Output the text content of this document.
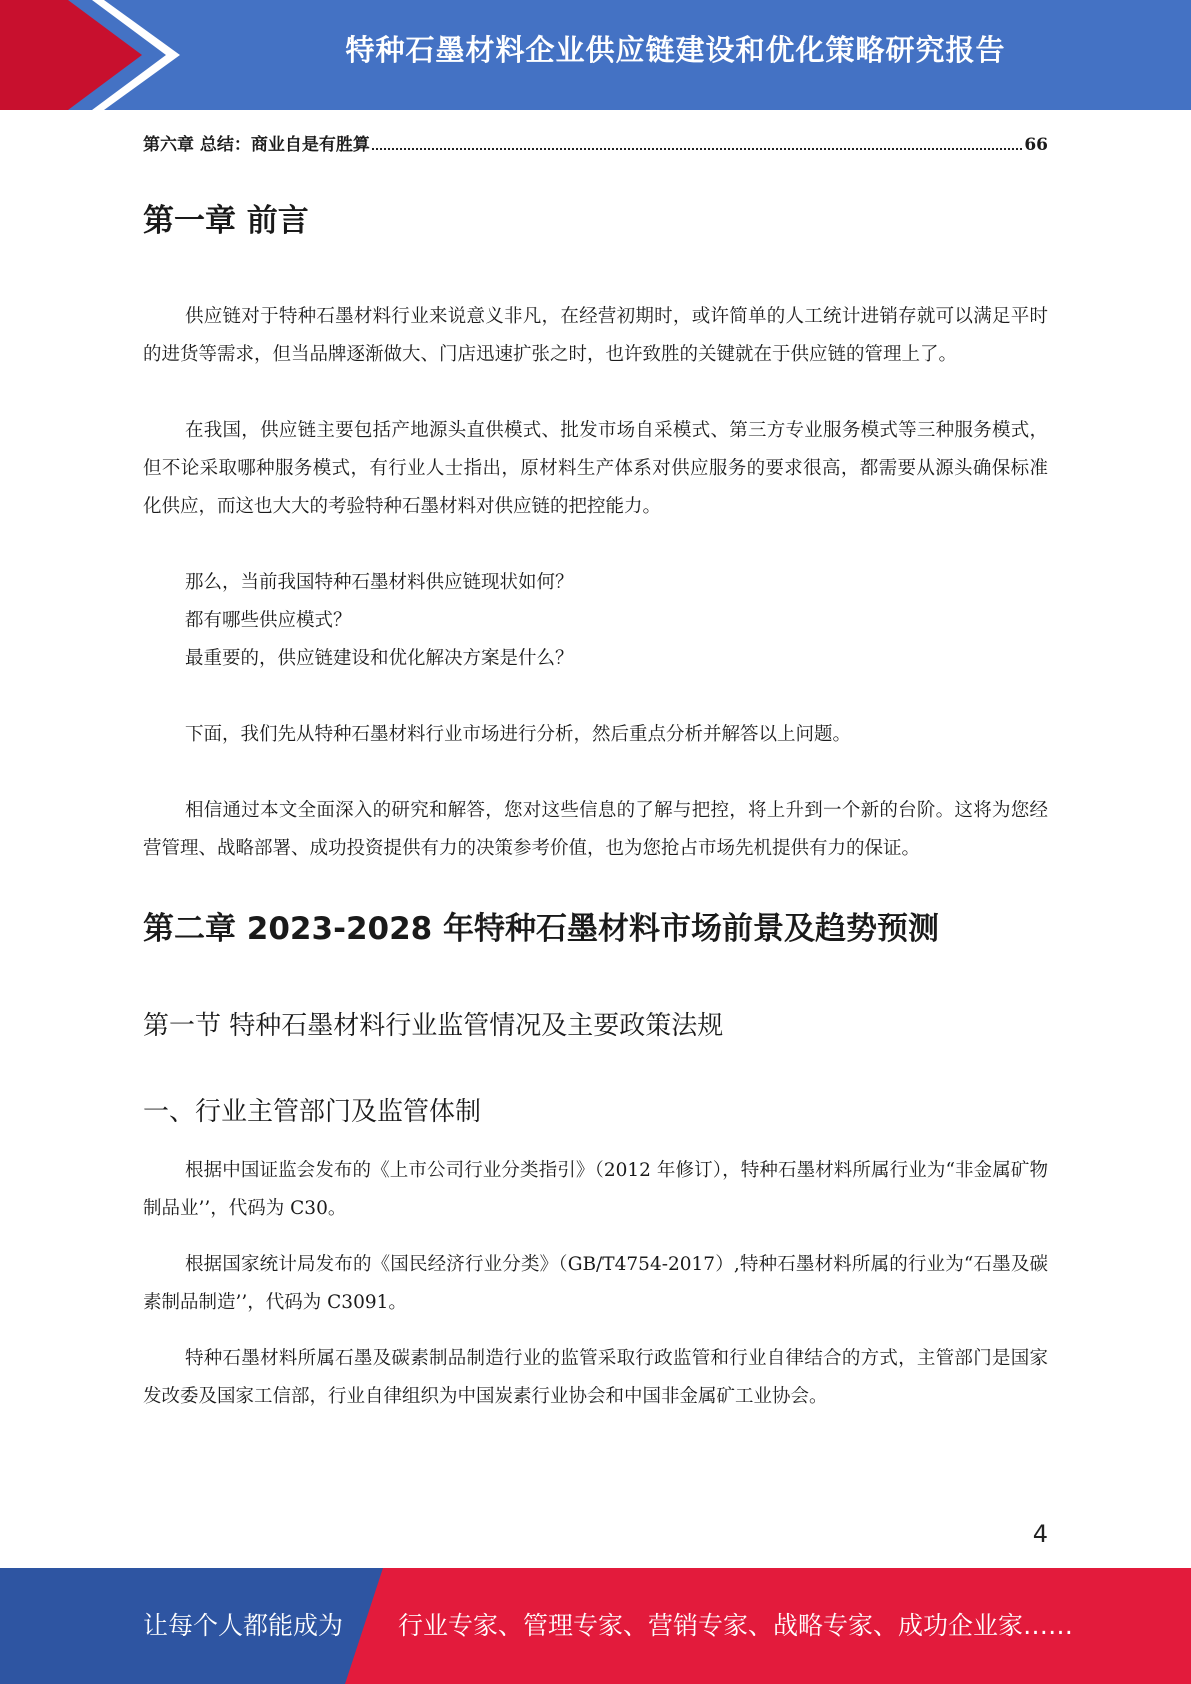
特种石墨材料企业供应链建设和优化策略研究报告
第六章 总结：商业自是有胜算	66
第一章 前言

供应链对于特种石墨材料行业来说意义非凡，在经营初期时，或许简单的人工统计进销存就可以满足平时的进货等需求，但当品牌逐渐做大、门店迅速扩张之时，也许致胜的关键就在于供应链的管理上了。

在我国，供应链主要包括产地源头直供模式、批发市场自采模式、第三方专业服务模式等三种服务模式，但不论采取哪种服务模式，有行业人士指出，原材料生产体系对供应服务的要求很高，都需要从源头确保标准化供应，而这也大大的考验特种石墨材料对供应链的把控能力。

那么，当前我国特种石墨材料供应链现状如何？

都有哪些供应模式？

最重要的，供应链建设和优化解决方案是什么？

下面，我们先从特种石墨材料行业市场进行分析，然后重点分析并解答以上问题。

相信通过本文全面深入的研究和解答，您对这些信息的了解与把控，将上升到一个新的台阶。这将为您经营管理、战略部署、成功投资提供有力的决策参考价值，也为您抢占市场先机提供有力的保证。

第二章 2023-2028 年特种石墨材料市场前景及趋势预测
第一节 特种石墨材料行业监管情况及主要政策法规
一、行业主管部门及监管体制

根据中国证监会发布的《上市公司行业分类指引》（2012 年修订），特种石墨材料所属行业为“非金属矿物制品业’’，代码为 C30。

根据国家统计局发布的《国民经济行业分类》（GB/T4754-2017）,特种石墨材料所属的行业为“石墨及碳素制品制造’’，代码为 C3091。

特种石墨材料所属石墨及碳素制品制造行业的监管采取行政监管和行业自律结合的方式，主管部门是国家发改委及国家工信部，行业自律组织为中国炭素行业协会和中国非金属矿工业协会。

4
让每个人都能成为 行业专家、管理专家、营销专家、战略专家、成功企业家……
